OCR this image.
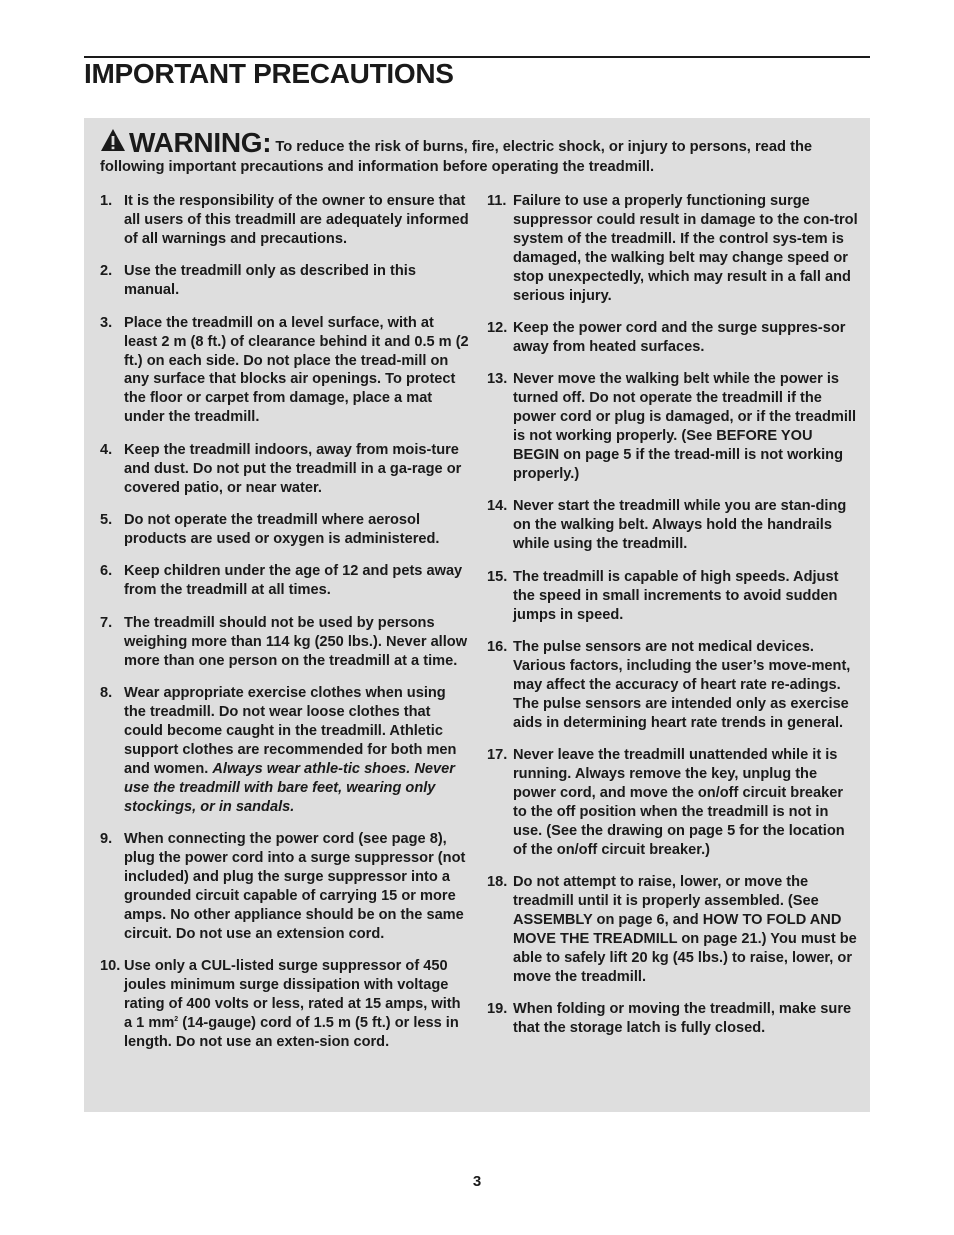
IMPORTANT PRECAUTIONS
WARNING: To reduce the risk of burns, fire, electric shock, or injury to persons, read the following important precautions and information before operating the treadmill.
1. It is the responsibility of the owner to ensure that all users of this treadmill are adequately informed of all warnings and precautions.
2. Use the treadmill only as described in this manual.
3. Place the treadmill on a level surface, with at least 2 m (8 ft.) of clearance behind it and 0.5 m (2 ft.) on each side. Do not place the tread-mill on any surface that blocks air openings. To protect the floor or carpet from damage, place a mat under the treadmill.
4. Keep the treadmill indoors, away from mois-ture and dust. Do not put the treadmill in a ga-rage or covered patio, or near water.
5. Do not operate the treadmill where aerosol products are used or oxygen is administered.
6. Keep children under the age of 12 and pets away from the treadmill at all times.
7. The treadmill should not be used by persons weighing more than 114 kg (250 lbs.). Never allow more than one person on the treadmill at a time.
8. Wear appropriate exercise clothes when using the treadmill. Do not wear loose clothes that could become caught in the treadmill. Athletic support clothes are recommended for both men and women. Always wear athle-tic shoes. Never use the treadmill with bare feet, wearing only stockings, or in sandals.
9. When connecting the power cord (see page 8), plug the power cord into a surge suppressor (not included) and plug the surge suppressor into a grounded circuit capable of carrying 15 or more amps. No other appliance should be on the same circuit. Do not use an extension cord.
10. Use only a CUL-listed surge suppressor of 450 joules minimum surge dissipation with voltage rating of 400 volts or less, rated at 15 amps, with a 1 $mm^2$ (14-gauge) cord of 1.5 m (5 ft.) or less in length. Do not use an exten-sion cord.
11. Failure to use a properly functioning surge suppressor could result in damage to the con-trol system of the treadmill. If the control sys-tem is damaged, the walking belt may change speed or stop unexpectedly, which may result in a fall and serious injury.
12. Keep the power cord and the surge suppres-sor away from heated surfaces.
13. Never move the walking belt while the power is turned off. Do not operate the treadmill if the power cord or plug is damaged, or if the treadmill is not working properly. (See BEFORE YOU BEGIN on page 5 if the tread-mill is not working properly.)
14. Never start the treadmill while you are stan-ding on the walking belt. Always hold the handrails while using the treadmill.
15. The treadmill is capable of high speeds. Adjust the speed in small increments to avoid sudden jumps in speed.
16. The pulse sensors are not medical devices. Various factors, including the user’s move-ment, may affect the accuracy of heart rate re-adings. The pulse sensors are intended only as exercise aids in determining heart rate trends in general.
17. Never leave the treadmill unattended while it is running. Always remove the key, unplug the power cord, and move the on/off circuit breaker to the off position when the treadmill is not in use. (See the drawing on page 5 for the location of the on/off circuit breaker.)
18. Do not attempt to raise, lower, or move the treadmill until it is properly assembled. (See ASSEMBLY on page 6, and HOW TO FOLD AND MOVE THE TREADMILL on page 21.) You must be able to safely lift 20 kg (45 lbs.) to raise, lower, or move the treadmill.
19. When folding or moving the treadmill, make sure that the storage latch is fully closed.
3
